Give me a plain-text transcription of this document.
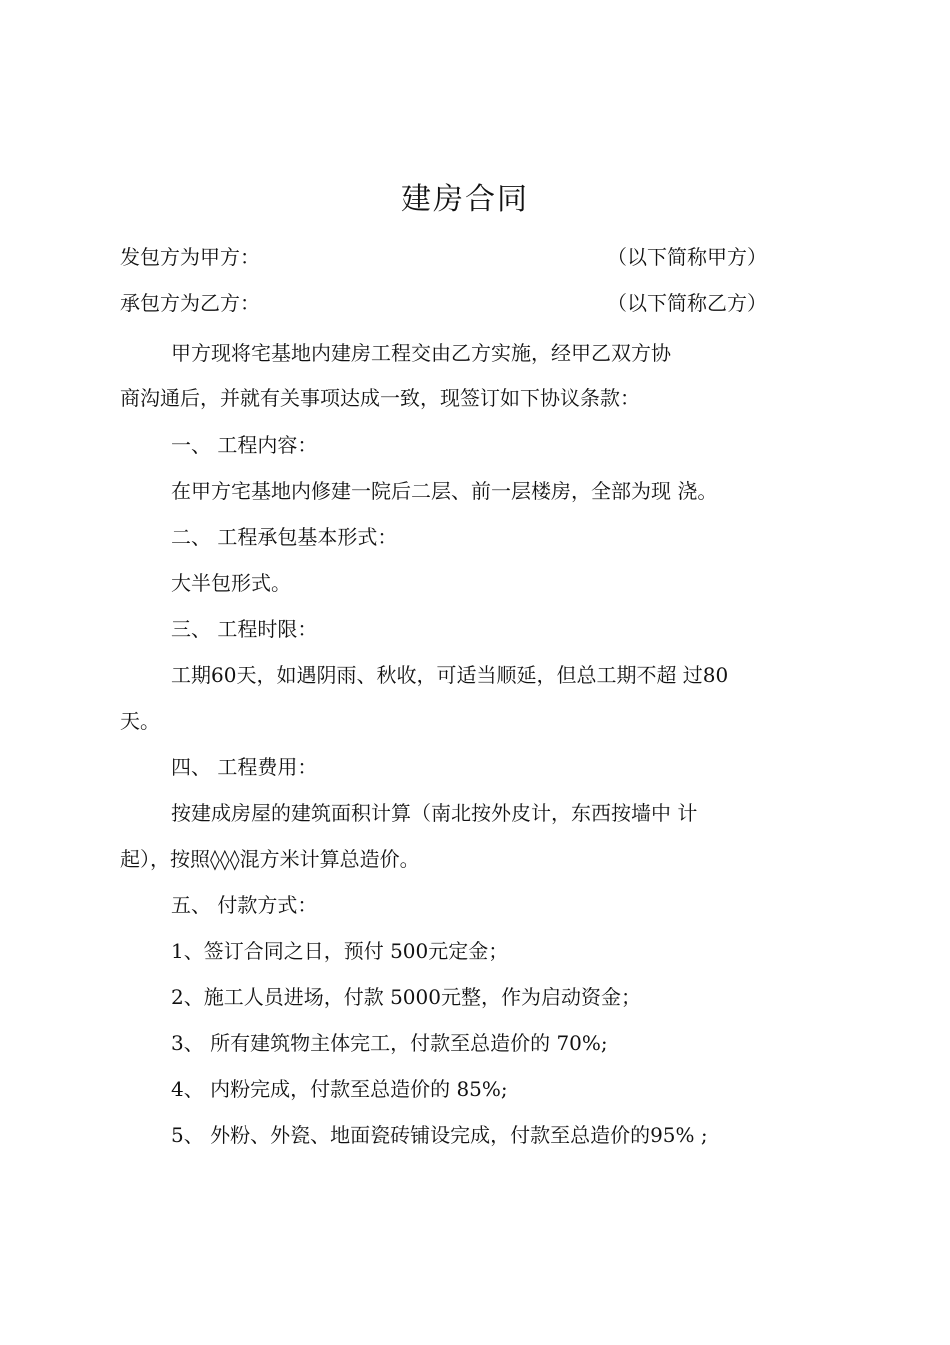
建房合同
发包方为甲方：	（以下简称甲方）
承包方为乙方：	（以下简称乙方）
甲方现将宅基地内建房工程交由乙方实施，经甲乙双方协
商沟通后，并就有关事项达成一致，现签订如下协议条款：
一、 工程内容：
在甲方宅基地内修建一院后二层、前一层楼房，全部为现 浇。
二、 工程承包基本形式：
大半包形式。
三、 工程时限：
工期60天，如遇阴雨、秋收，可适当顺延，但总工期不超 过80
天。
四、 工程费用：
按建成房屋的建筑面积计算（南北按外皮计，东西按墙中 计
起），按照◊◊◊混方米计算总造价。
五、 付款方式：
1、签订合同之日，预付 500元定金；
2、施工人员进场，付款 5000元整，作为启动资金；
3、 所有建筑物主体完工，付款至总造价的 70%;
4、 内粉完成，付款至总造价的 85%;
5、 外粉、外瓷、地面瓷砖铺设完成，付款至总造价的95% ;
